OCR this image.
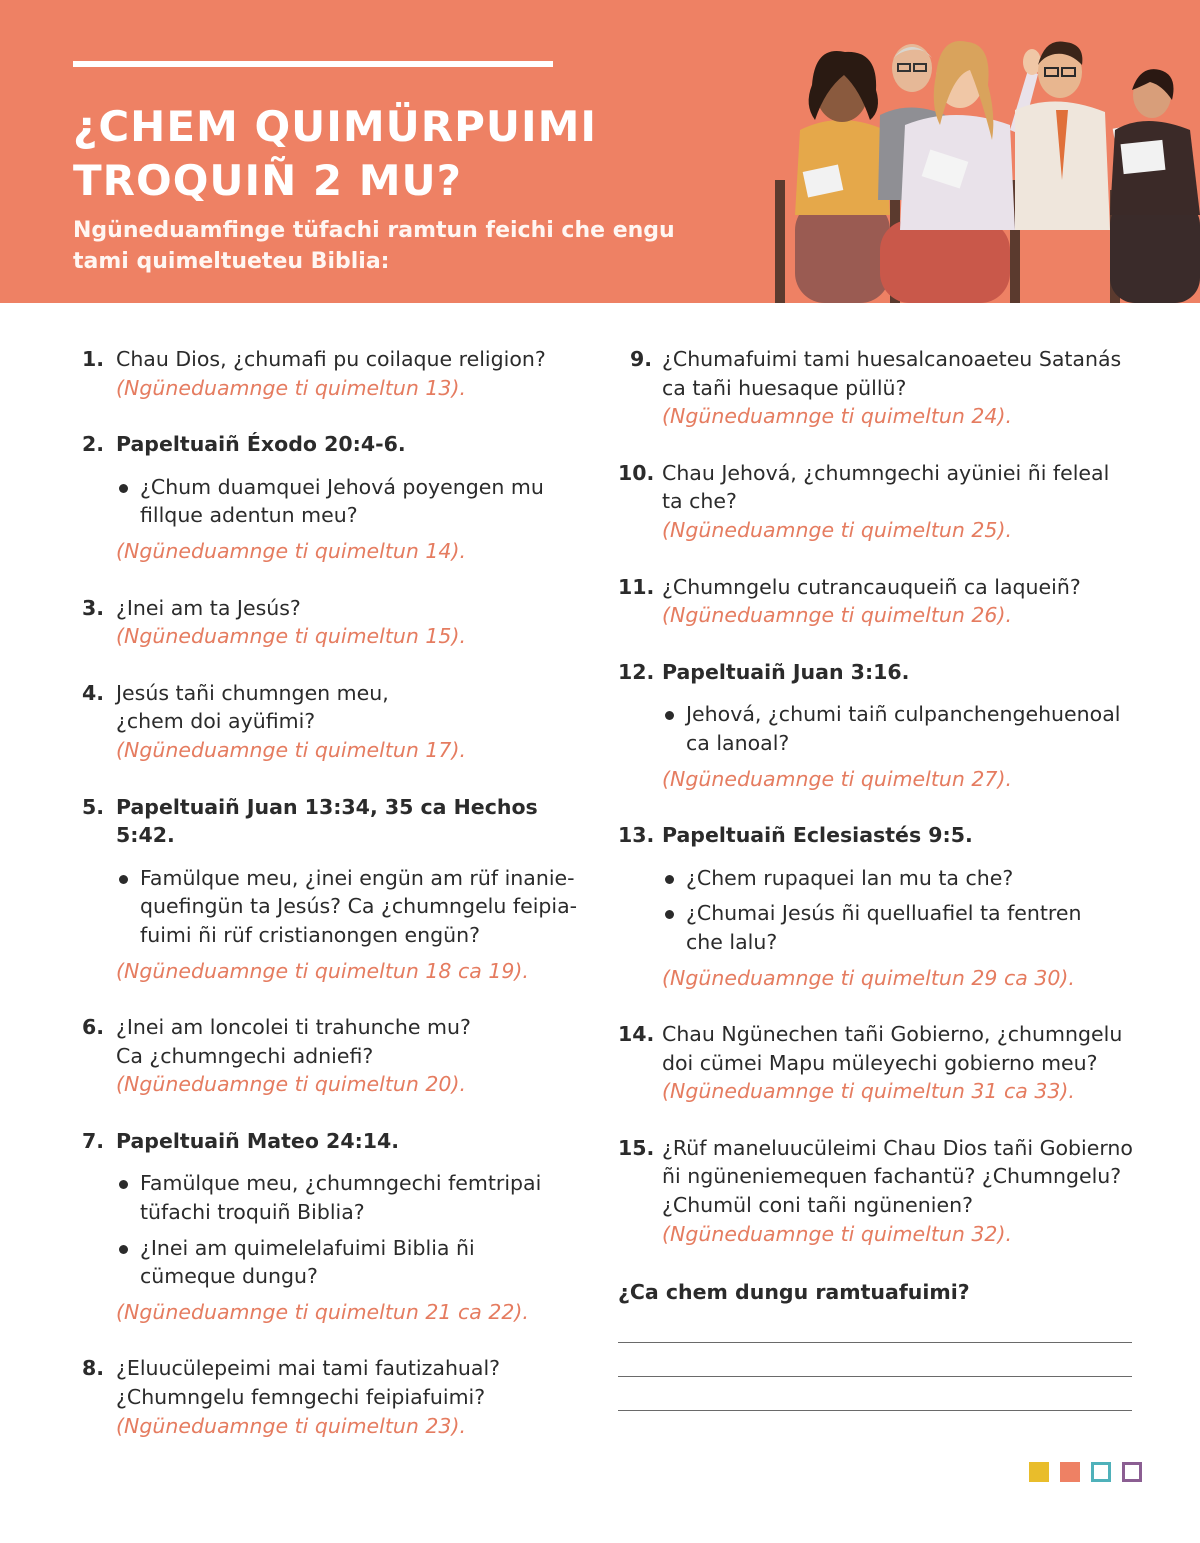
¿CHEM QUIMÜRPUIMI
TROQUIÑ 2 MU?
Ngüneduamfinge tüfachi ramtun feichi che engu
tami quimeltueteu Biblia:
1. Chau Dios, ¿chumafi pu coilaque religion?
(Ngüneduamnge ti quimeltun 13).
2. Papeltuaiñ Éxodo 20:4-6.
¿Chum duamquei Jehová poyengen mu
fillque adentun meu?
(Ngüneduamnge ti quimeltun 14).
3. ¿Inei am ta Jesús?
(Ngüneduamnge ti quimeltun 15).
4. Jesús tañi chumngen meu,
¿chem doi ayüfimi?
(Ngüneduamnge ti quimeltun 17).
5. Papeltuaiñ Juan 13:34, 35 ca Hechos 5:42.
Famülque meu, ¿inei engün am rüf inanie-
quefingün ta Jesús? Ca ¿chumngelu feipia-
fuimi ñi rüf cristianongen engün?
(Ngüneduamnge ti quimeltun 18 ca 19).
6. ¿Inei am loncolei ti trahunche mu?
Ca ¿chumngechi adniefi?
(Ngüneduamnge ti quimeltun 20).
7. Papeltuaiñ Mateo 24:14.
Famülque meu, ¿chumngechi femtripai
tüfachi troquiñ Biblia?
¿Inei am quimelelafuimi Biblia ñi
cümeque dungu?
(Ngüneduamnge ti quimeltun 21 ca 22).
8. ¿Eluucülepeimi mai tami fautizahual?
¿Chumngelu femngechi feipiafuimi?
(Ngüneduamnge ti quimeltun 23).
9. ¿Chumafuimi tami huesalcanoaeteu Satanás
ca tañi huesaque püllü?
(Ngüneduamnge ti quimeltun 24).
10. Chau Jehová, ¿chumngechi ayüniei ñi feleal
ta che?
(Ngüneduamnge ti quimeltun 25).
11. ¿Chumngelu cutrancauqueiñ ca laqueiñ?
(Ngüneduamnge ti quimeltun 26).
12. Papeltuaiñ Juan 3:16.
Jehová, ¿chumi taiñ culpanchengehuenoal
ca lanoal?
(Ngüneduamnge ti quimeltun 27).
13. Papeltuaiñ Eclesiastés 9:5.
¿Chem rupaquei lan mu ta che?
¿Chumai Jesús ñi quelluafiel ta fentren
che lalu?
(Ngüneduamnge ti quimeltun 29 ca 30).
14. Chau Ngünechen tañi Gobierno, ¿chumngelu
doi cümei Mapu müleyechi gobierno meu?
(Ngüneduamnge ti quimeltun 31 ca 33).
15. ¿Rüf maneluucüleimi Chau Dios tañi Gobierno
ñi ngüneniemequen fachantü? ¿Chumngelu?
¿Chumül coni tañi ngünenien?
(Ngüneduamnge ti quimeltun 32).
¿Ca chem dungu ramtuafuimi?
